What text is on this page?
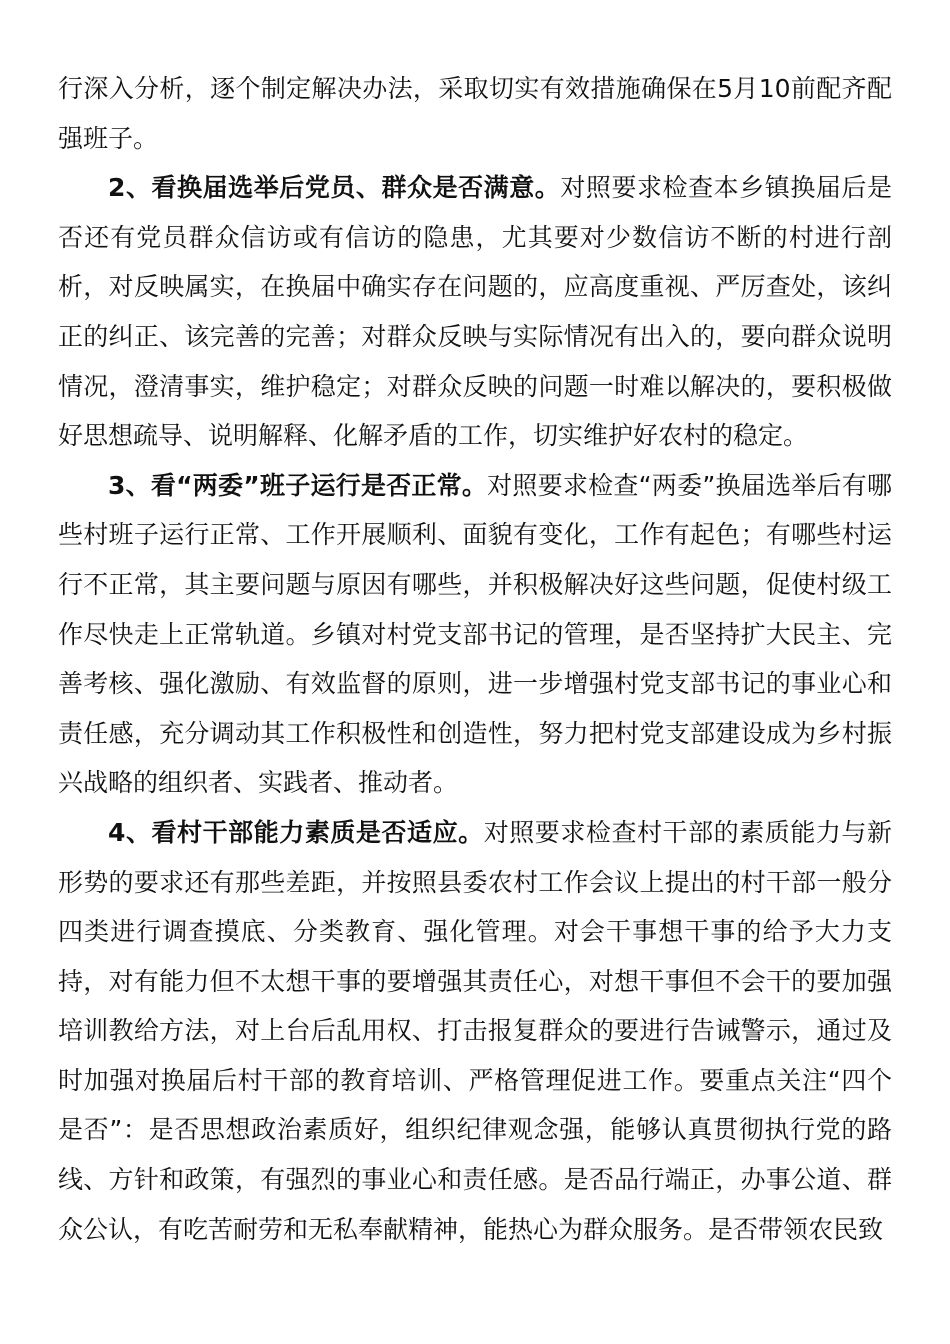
行深入分析，逐个制定解决办法，采取切实有效措施确保在5月10前配齐配强班子。

2、看换届选举后党员、群众是否满意。对照要求检查本乡镇换届后是否还有党员群众信访或有信访的隐患，尤其要对少数信访不断的村进行剖析，对反映属实，在换届中确实存在问题的，应高度重视、严厉查处，该纠正的纠正、该完善的完善；对群众反映与实际情况有出入的，要向群众说明情况，澄清事实，维护稳定；对群众反映的问题一时难以解决的，要积极做好思想疏导、说明解释、化解矛盾的工作，切实维护好农村的稳定。

3、看“两委”班子运行是否正常。对照要求检查“两委”换届选举后有哪些村班子运行正常、工作开展顺利、面貌有变化，工作有起色；有哪些村运行不正常，其主要问题与原因有哪些，并积极解决好这些问题，促使村级工作尽快走上正常轨道。乡镇对村党支部书记的管理，是否坚持扩大民主、完善考核、强化激励、有效监督的原则，进一步增强村党支部书记的事业心和责任感，充分调动其工作积极性和创造性，努力把村党支部建设成为乡村振兴战略的组织者、实践者、推动者。

4、看村干部能力素质是否适应。对照要求检查村干部的素质能力与新形势的要求还有那些差距，并按照县委农村工作会议上提出的村干部一般分四类进行调查摸底、分类教育、强化管理。对会干事想干事的给予大力支持，对有能力但不太想干事的要增强其责任心，对想干事但不会干的要加强培训教给方法，对上台后乱用权、打击报复群众的要进行告诫警示，通过及时加强对换届后村干部的教育培训、严格管理促进工作。要重点关注“四个是否”：是否思想政治素质好，组织纪律观念强，能够认真贯彻执行党的路线、方针和政策，有强烈的事业心和责任感。是否品行端正，办事公道、群众公认，有吃苦耐劳和无私奉献精神，能热心为群众服务。是否带领农民致
